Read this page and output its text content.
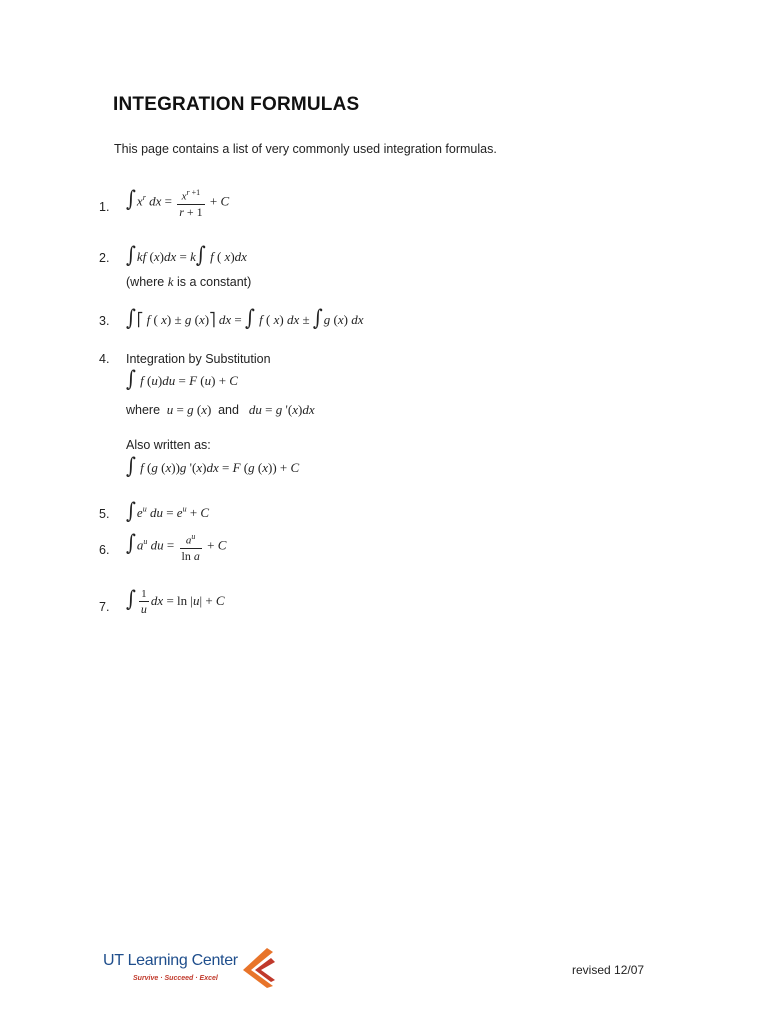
INTEGRATION FORMULAS
This page contains a list of very commonly used integration formulas.
1. $\int x^r$ dx = $\frac{x^{r +1}}{r + 1} + C$
2. ∫kf (x)dx = k∫ f ( x)dx
(where k is a constant)
3. ∫⎡ f ( x) ± g (x)⎤ dx = ∫ f ( x) dx ± ∫g (x) dx
4. Integration by Substitution
∫ f (u)du = F (u) + C
where  u = g (x) and   du = g '(x)dx
Also written as:
∫ f (g (x))g '(x)dx = F (g (x)) + C
5. $\int e^u$ du = $e^u + C$
6. $\int a^u$ du = $\frac{a^u}{\text{ln a}} + C$
7. ∫ $\frac{1}{u}$ dx = ln |u| + C
UT Learning Center
Survive · Succeed · Excel
revised 12/07
